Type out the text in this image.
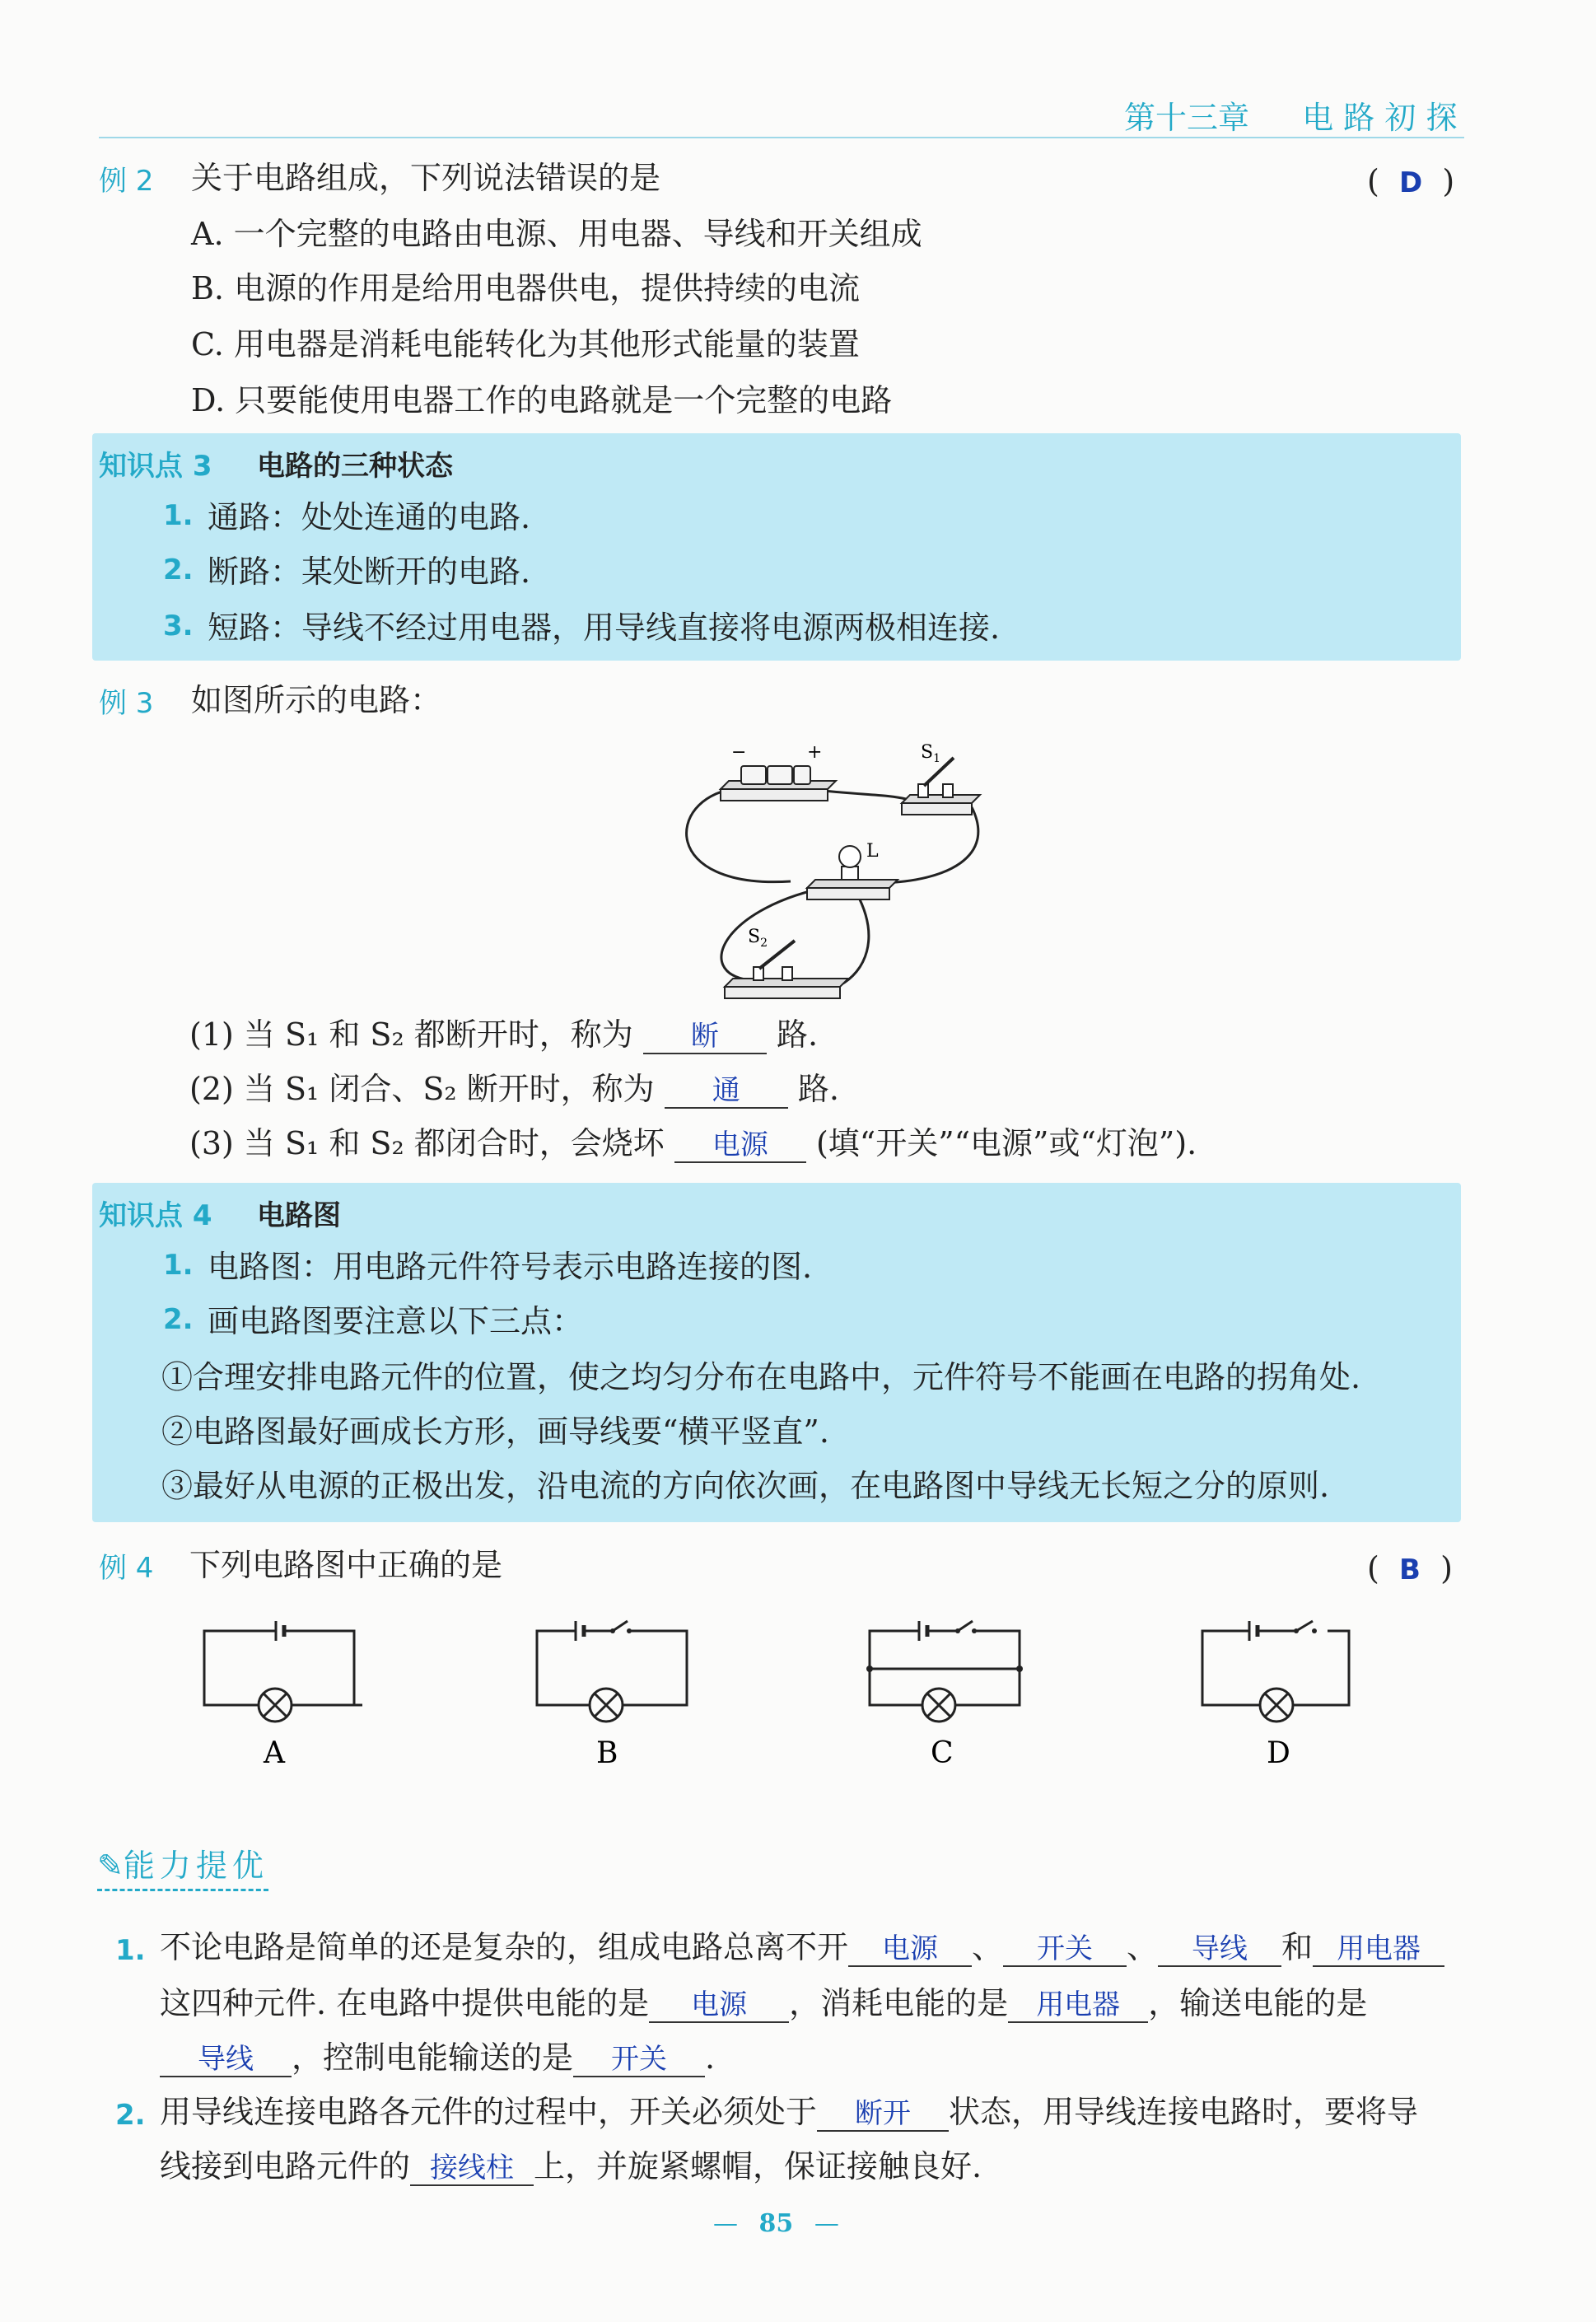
第十三章 电 路 初 探
例 2 关于电路组成，下列说法错误的是	(  D  )
A. 一个完整的电路由电源、用电器、导线和开关组成
B. 电源的作用是给用电器供电，提供持续的电流
C. 用电器是消耗电能转化为其他形式能量的装置
D. 只要能使用电器工作的电路就是一个完整的电路
知识点 3 电路的三种状态
1. 通路：处处连通的电路.
2. 断路：某处断开的电路.
3. 短路：导线不经过用电器，用导线直接将电源两极相连接.
例 3 如图所示的电路：
−	+	$S_1$
L
$S_2$
(1) 当 S₁ 和 S₂ 都断开时，称为 断 路.
(2) 当 S₁ 闭合、S₂ 断开时，称为 通 路.
(3) 当 S₁ 和 S₂ 都闭合时，会烧坏 电源 (填“开关”“电源”或“灯泡”).
知识点 4 电路图
1. 电路图：用电路元件符号表示电路连接的图.
2. 画电路图要注意以下三点：
①合理安排电路元件的位置，使之均匀分布在电路中，元件符号不能画在电路的拐角处.
②电路图最好画成长方形，画导线要“横平竖直”.
③最好从电源的正极出发，沿电流的方向依次画，在电路图中导线无长短之分的原则.
例 4 下列电路图中正确的是	(  B  )
A	B	C	D
✎能力提优
1. 不论电路是简单的还是复杂的，组成电路总离不开 电源 、 开关 、 导线 和 用电器
这四种元件. 在电路中提供电能的是 电源 ，消耗电能的是 用电器 ，输送电能的是
导线 ，控制电能输送的是 开关 .
2. 用导线连接电路各元件的过程中，开关必须处于 断开 状态，用导线连接电路时，要将导
线接到电路元件的 接线柱 上，并旋紧螺帽，保证接触良好.
— 85 —
